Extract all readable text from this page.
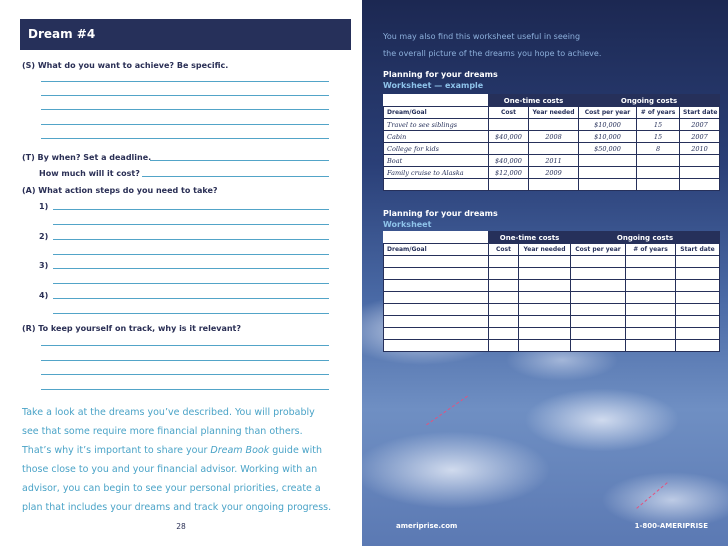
Dream #4
(S) What do you want to achieve? Be specific.
(T) By when? Set a deadline.
How much will it cost?
(A) What action steps do you need to take?
1)
2)
3)
4)
(R) To keep yourself on track, why is it relevant?

Take a look at the dreams you’ve described. You will probably

see that some require more financial planning than others.

That’s why it’s important to share your Dream Book guide with

those close to you and your financial advisor. Working with an

advisor, you can begin to see your personal priorities, create a

plan that includes your dreams and track your ongoing progress.

28

You may also find this worksheet useful in seeing

the overall picture of the dreams you hope to achieve.

Planning for your dreams
Worksheet — example
	One-time costs		Ongoing costs		
Dream/Goal	Cost	Year needed	Cost per year	# of years	Start date
Travel to see siblings			$10,000	15	2007
Cabin	$40,000	2008	$10,000	15	2007
College for kids			$50,000	8	2010
Boat	$40,000	2011			
Family cruise to Alaska	$12,000	2009			

Planning for your dreams
Worksheet
	One-time costs		Ongoing costs		
Dream/Goal	Cost	Year needed	Cost per year	# of years	Start date

ameriprise.com	1-800-AMERIPRISE
